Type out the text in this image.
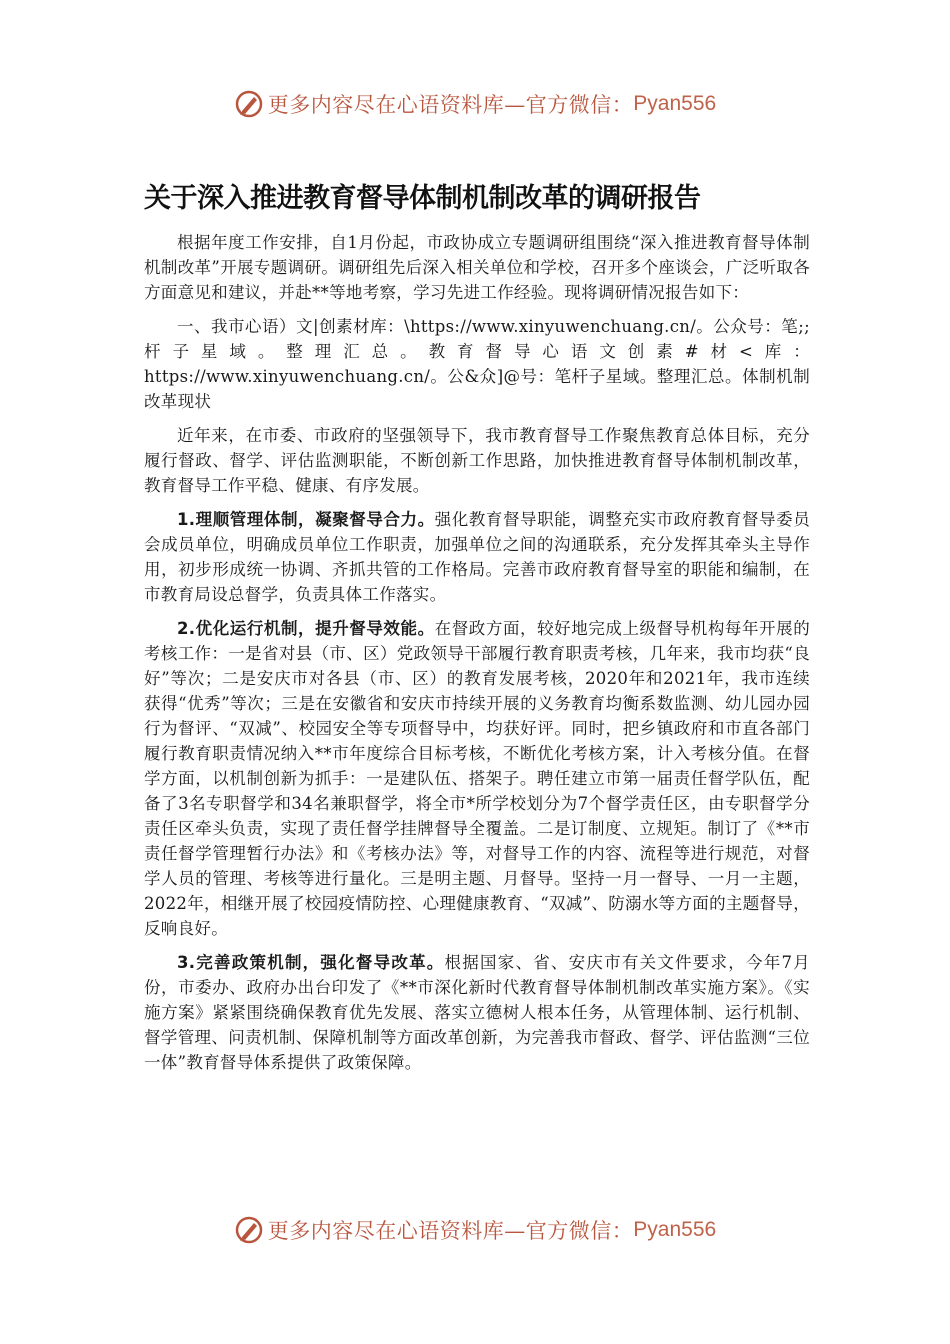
更多内容尽在心语资料库—官方微信： Pyan556
关于深入推进教育督导体制机制改革的调研报告

根据年度工作安排，自1月份起，市政协成立专题调研组围绕“深入推进教育督导体制机制改革”开展专题调研。调研组先后深入相关单位和学校，召开多个座谈会，广泛听取各方面意见和建议，并赴**等地考察，学习先进工作经验。现将调研情况报告如下：

一、我市心语）文|创素材库：\https://www.xinyuwenchuang.cn/。公众号：笔;;杆子星域。整理汇总。教育督导心语文创素#材<库：https://www.xinyuwenchuang.cn/。公&众]@号：笔杆子星域。整理汇总。体制机制改革现状

近年来，在市委、市政府的坚强领导下，我市教育督导工作聚焦教育总体目标，充分履行督政、督学、评估监测职能，不断创新工作思路，加快推进教育督导体制机制改革，教育督导工作平稳、健康、有序发展。

1.理顺管理体制，凝聚督导合力。强化教育督导职能，调整充实市政府教育督导委员会成员单位，明确成员单位工作职责，加强单位之间的沟通联系，充分发挥其牵头主导作用，初步形成统一协调、齐抓共管的工作格局。完善市政府教育督导室的职能和编制，在市教育局设总督学，负责具体工作落实。

2.优化运行机制，提升督导效能。在督政方面，较好地完成上级督导机构每年开展的考核工作：一是省对县（市、区）党政领导干部履行教育职责考核，几年来，我市均获“良好”等次；二是安庆市对各县（市、区）的教育发展考核，2020年和2021年，我市连续获得“优秀”等次；三是在安徽省和安庆市持续开展的义务教育均衡系数监测、幼儿园办园行为督评、“双减”、校园安全等专项督导中，均获好评。同时，把乡镇政府和市直各部门履行教育职责情况纳入**市年度综合目标考核，不断优化考核方案，计入考核分值。在督学方面，以机制创新为抓手：一是建队伍、搭架子。聘任建立市第一届责任督学队伍，配备了3名专职督学和34名兼职督学，将全市*所学校划分为7个督学责任区，由专职督学分责任区牵头负责，实现了责任督学挂牌督导全覆盖。二是订制度、立规矩。制订了《**市责任督学管理暂行办法》和《考核办法》等，对督导工作的内容、流程等进行规范，对督学人员的管理、考核等进行量化。三是明主题、月督导。坚持一月一督导、一月一主题，2022年，相继开展了校园疫情防控、心理健康教育、“双减”、防溺水等方面的主题督导，反响良好。

3.完善政策机制，强化督导改革。根据国家、省、安庆市有关文件要求，今年7月份，市委办、政府办出台印发了《**市深化新时代教育督导体制机制改革实施方案》。《实施方案》紧紧围绕确保教育优先发展、落实立德树人根本任务，从管理体制、运行机制、督学管理、问责机制、保障机制等方面改革创新，为完善我市督政、督学、评估监测“三位一体”教育督导体系提供了政策保障。

更多内容尽在心语资料库—官方微信： Pyan556
